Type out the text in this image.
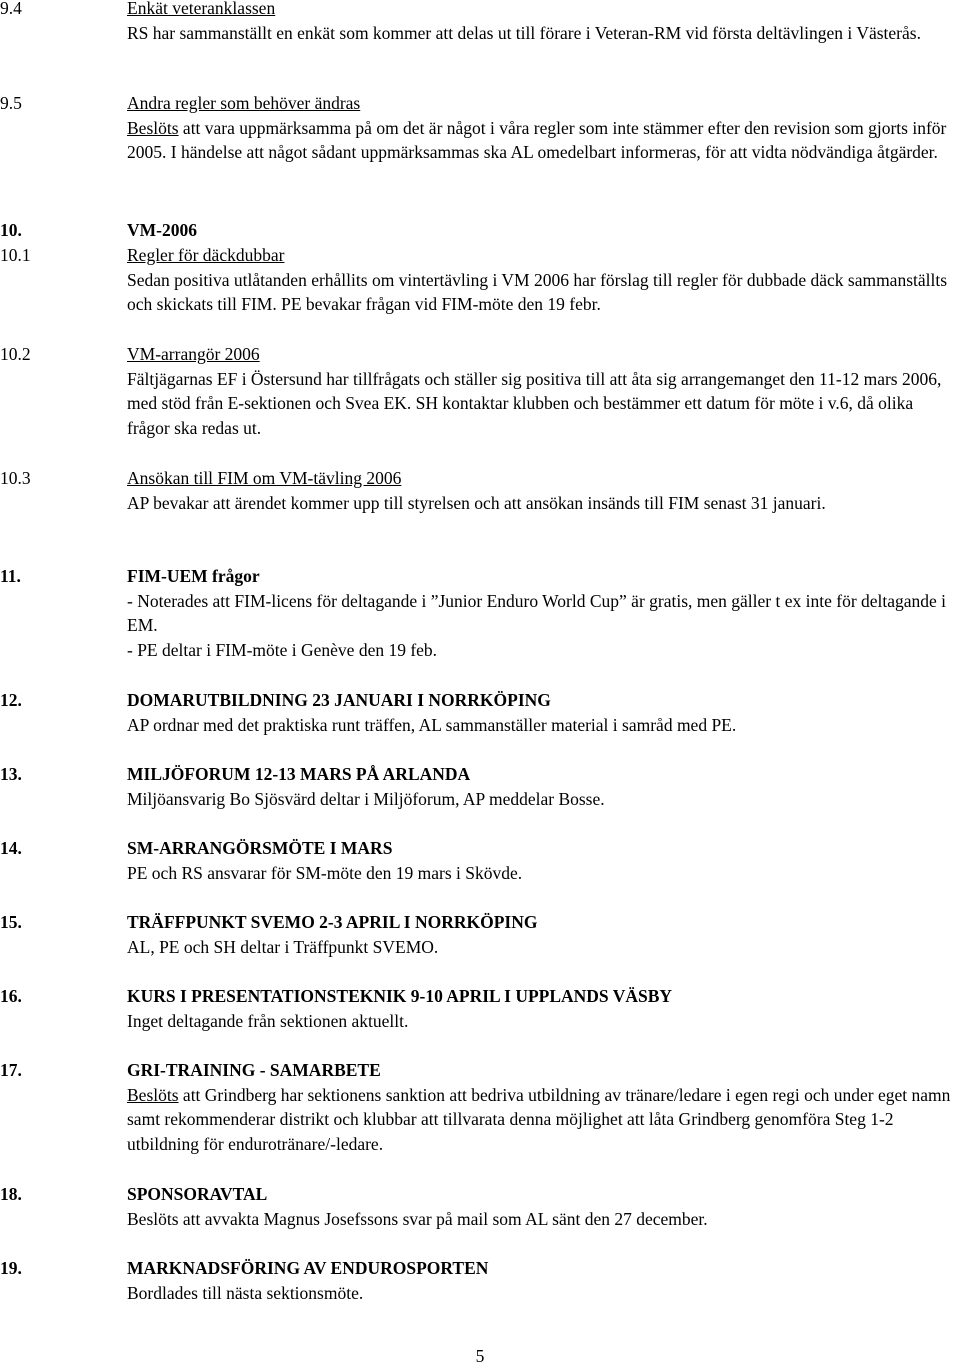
9.4	Enkät veteranklassen

RS har sammanställt en enkät som kommer att delas ut till förare i Veteran-RM vid första deltävlingen i Västerås.

9.5	Andra regler som behöver ändras

Beslöts att vara uppmärksamma på om det är något i våra regler som inte stämmer efter den revision som gjorts inför 2005. I händelse att något sådant uppmärksammas ska AL omedelbart informeras, för att vidta nödvändiga åtgärder.

10.	VM-2006

10.1	Regler för däckdubbar

Sedan positiva utlåtanden erhållits om vintertävling i VM 2006 har förslag till regler för dubbade däck sammanställts och skickats till FIM. PE bevakar frågan vid FIM-möte den 19 febr.

10.2	VM-arrangör 2006

Fältjägarnas EF i Östersund har tillfrågats och ställer sig positiva till att åta sig arrangemanget den 11-12 mars 2006, med stöd från E-sektionen och Svea EK. SH kontaktar klubben och bestämmer ett datum för möte i v.6, då olika frågor ska redas ut.

10.3	Ansökan till FIM om VM-tävling 2006

AP bevakar att ärendet kommer upp till styrelsen och att ansökan insänds till FIM senast 31 januari.

11.	FIM-UEM frågor

- Noterades att FIM-licens för deltagande i ”Junior Enduro World Cup” är gratis, men gäller t ex inte för deltagande i EM.

- PE deltar i FIM-möte i Genève den 19 feb.

12.	DOMARUTBILDNING 23 JANUARI I NORRKÖPING

AP ordnar med det praktiska runt träffen, AL sammanställer material i samråd med PE.

13.	MILJÖFORUM 12-13 MARS PÅ ARLANDA

Miljöansvarig Bo Sjösvärd deltar i Miljöforum, AP meddelar Bosse.

14.	SM-ARRANGÖRSMÖTE I MARS

PE och RS ansvarar för SM-möte den 19 mars i Skövde.

15.	TRÄFFPUNKT SVEMO 2-3 APRIL I NORRKÖPING

AL, PE och SH deltar i Träffpunkt SVEMO.

16.	KURS I PRESENTATIONSTEKNIK 9-10 APRIL I UPPLANDS VÄSBY

Inget deltagande från sektionen aktuellt.

17.	GRI-TRAINING - SAMARBETE

Beslöts att Grindberg har sektionens sanktion att bedriva utbildning av tränare/ledare i egen regi och under eget namn samt rekommenderar distrikt och klubbar att tillvarata denna möjlighet att låta Grindberg genomföra Steg 1-2 utbildning för endurotränare/-ledare.

18.	SPONSORAVTAL

Beslöts att avvakta Magnus Josefssons svar på mail som AL sänt den 27 december.

19.	MARKNADSFÖRING AV ENDUROSPORTEN

Bordlades till nästa sektionsmöte.

5
